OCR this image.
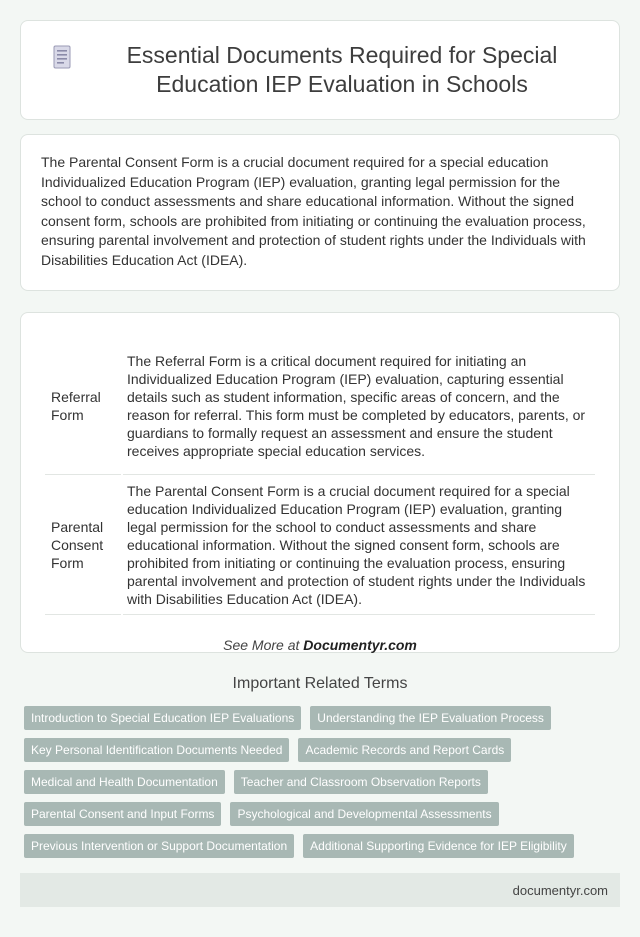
Essential Documents Required for Special Education IEP Evaluation in Schools

The Parental Consent Form is a crucial document required for a special education Individualized Education Program (IEP) evaluation, granting legal permission for the school to conduct assessments and share educational information. Without the signed consent form, schools are prohibited from initiating or continuing the evaluation process, ensuring parental involvement and protection of student rights under the Individuals with Disabilities Education Act (IDEA).

Referral Form	The Referral Form is a critical document required for initiating an Individualized Education Program (IEP) evaluation, capturing essential details such as student information, specific areas of concern, and the reason for referral. This form must be completed by educators, parents, or guardians to formally request an assessment and ensure the student receives appropriate special education services.
Parental Consent Form	The Parental Consent Form is a crucial document required for a special education Individualized Education Program (IEP) evaluation, granting legal permission for the school to conduct assessments and share educational information. Without the signed consent form, schools are prohibited from initiating or continuing the evaluation process, ensuring parental involvement and protection of student rights under the Individuals with Disabilities Education Act (IDEA).

See More at Documentyr.com

Important Related Terms
Introduction to Special Education IEP Evaluations	Understanding the IEP Evaluation Process
Key Personal Identification Documents Needed	Academic Records and Report Cards
Medical and Health Documentation	Teacher and Classroom Observation Reports
Parental Consent and Input Forms	Psychological and Developmental Assessments
Previous Intervention or Support Documentation	Additional Supporting Evidence for IEP Eligibility
documentyr.com
